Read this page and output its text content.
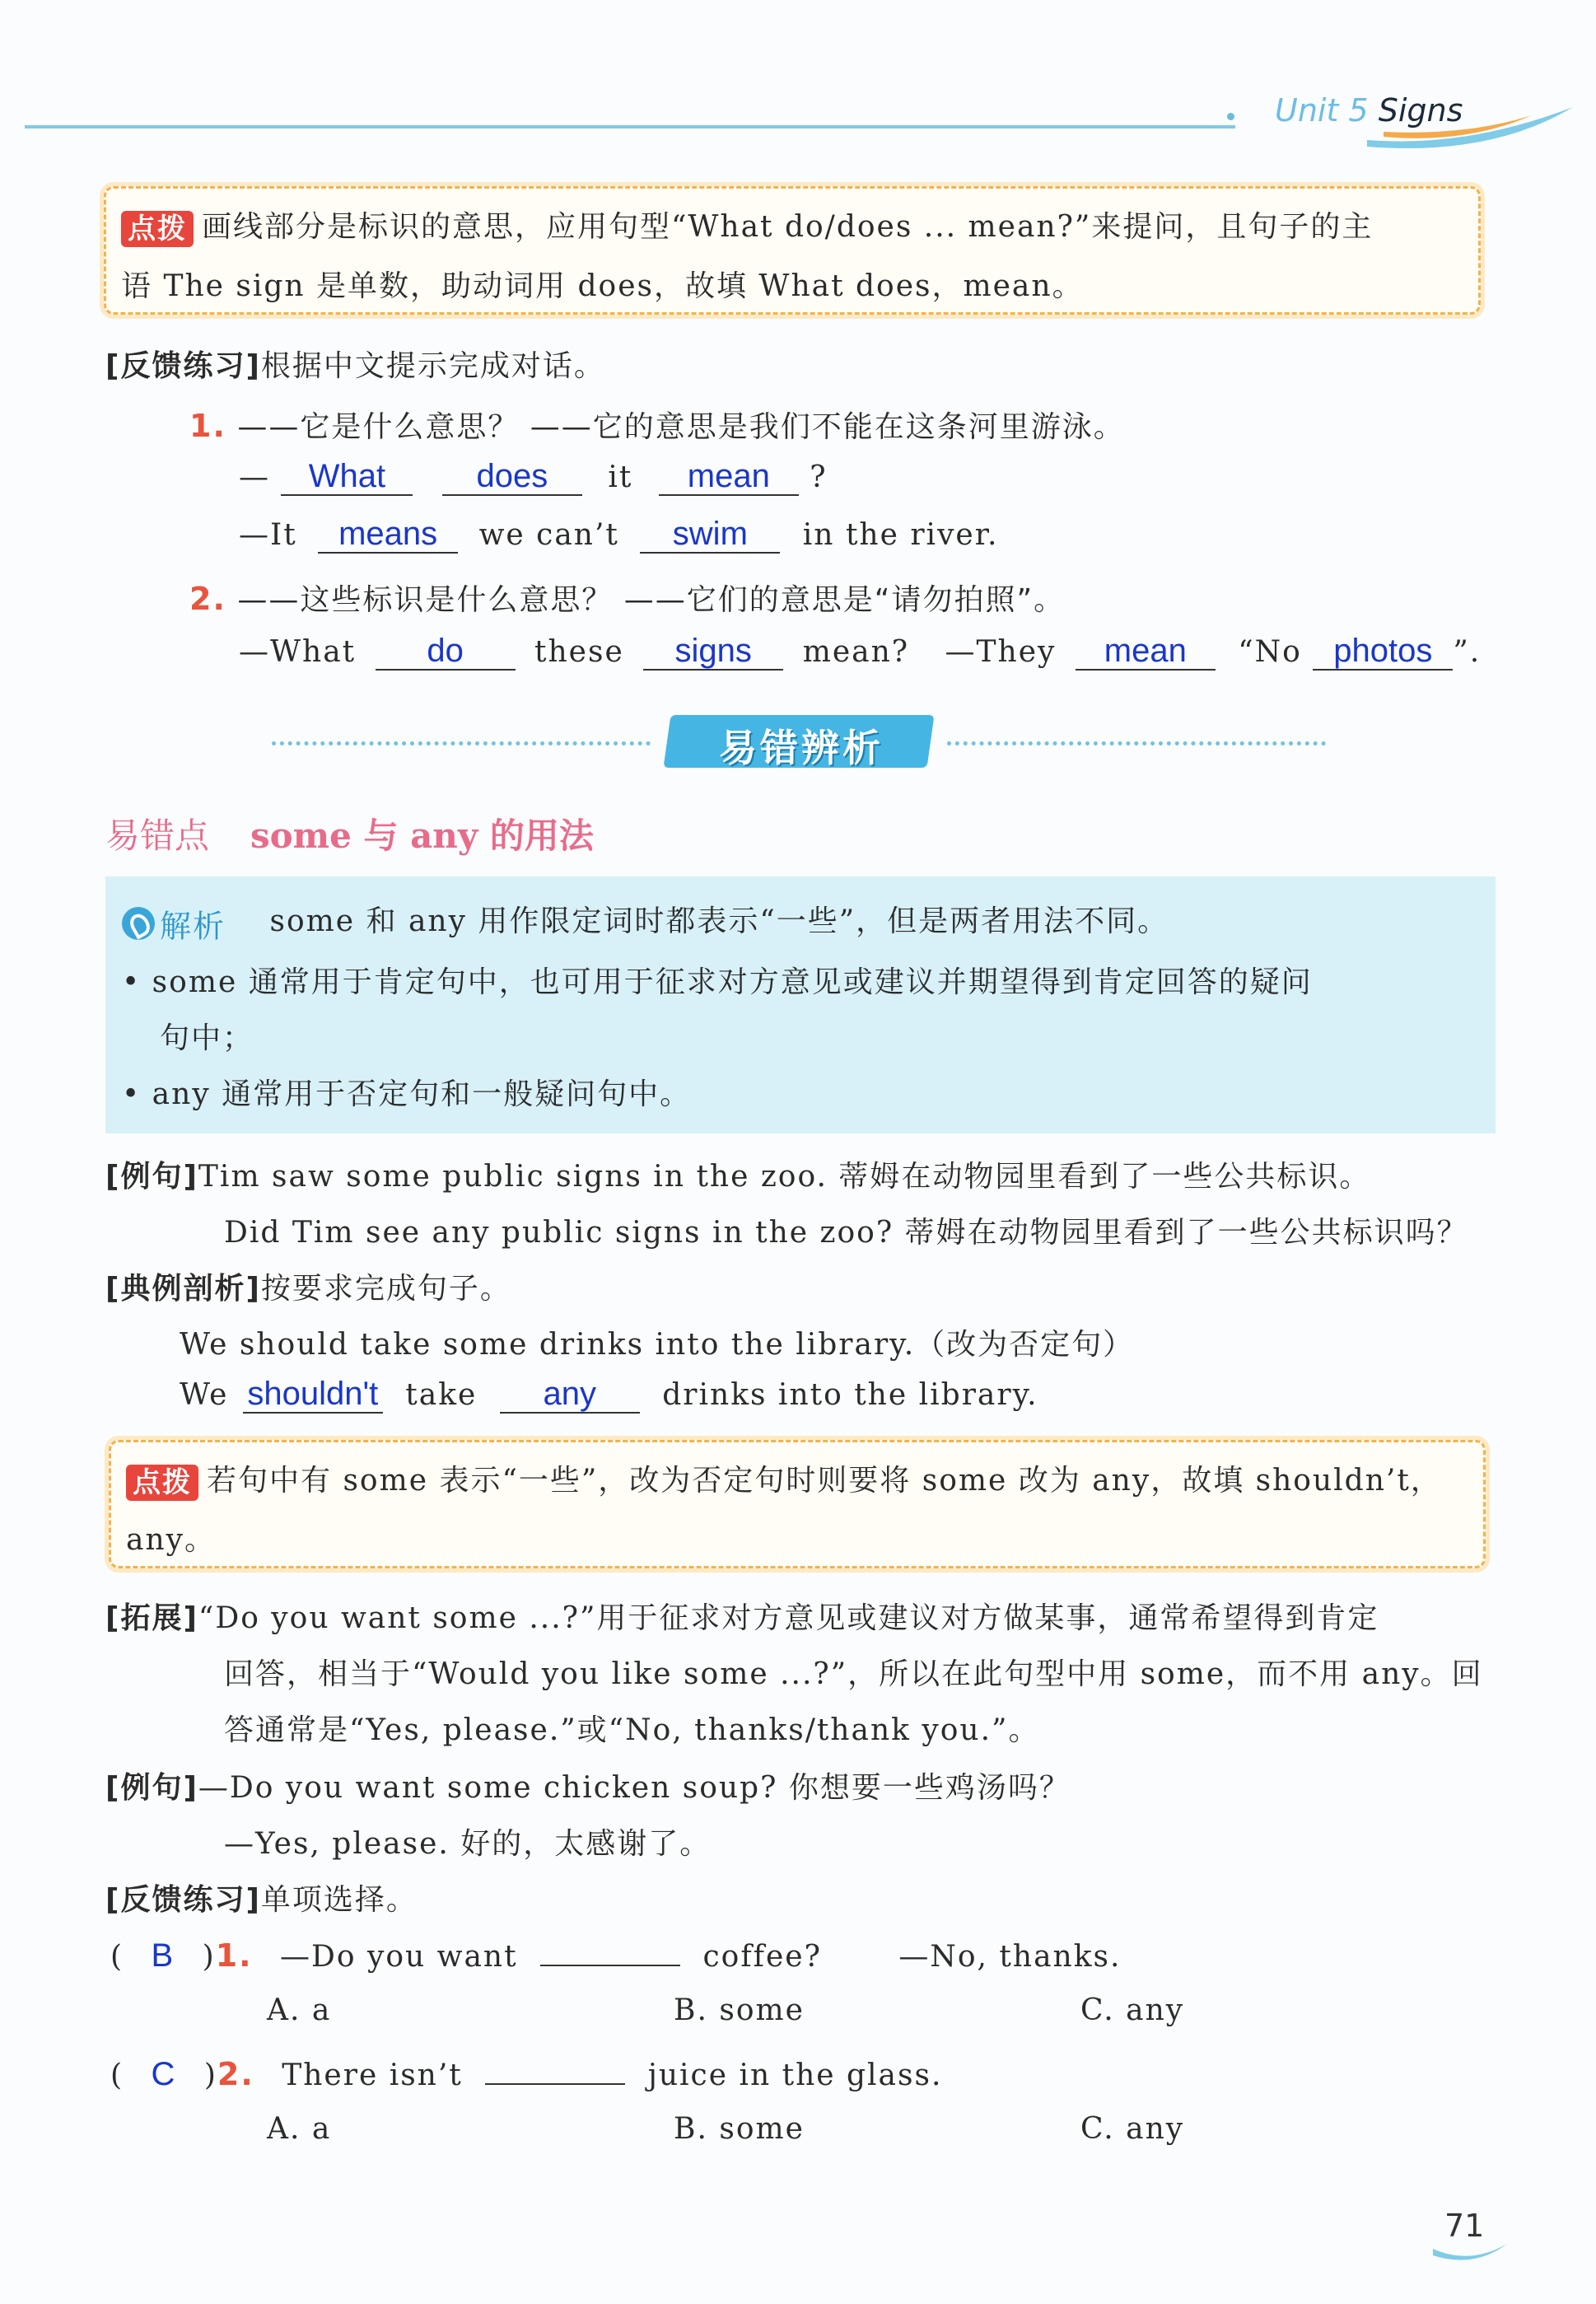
Unit 5 Signs
点拨 画线部分是标识的意思，应用句型“What do/does ... mean?”来提问，且句子的主
语 The sign 是单数，助动词用 does，故填 What does，mean。
[反馈练习]根据中文提示完成对话。
1. ——它是什么意思？ ——它的意思是我们不能在这条河里游泳。
— What	does it mean ?
—It means we can’t swim in the river.
2. ——这些标识是什么意思？ ——它们的意思是“请勿拍照”。
—What do these signs mean? —They mean “No photos ”.
易错辨析
易错点 some 与 any 的用法
解析 some 和 any 用作限定词时都表示“一些”，但是两者用法不同。
• some 通常用于肯定句中，也可用于征求对方意见或建议并期望得到肯定回答的疑问
句中；
• any 通常用于否定句和一般疑问句中。
[例句]Tim saw some public signs in the zoo. 蒂姆在动物园里看到了一些公共标识。
Did Tim see any public signs in the zoo? 蒂姆在动物园里看到了一些公共标识吗？
[典例剖析]按要求完成句子。
We should take some drinks into the library.（改为否定句）
We shouldn't take any drinks into the library.
点拨 若句中有 some 表示“一些”，改为否定句时则要将 some 改为 any，故填 shouldn’t，
any。
[拓展]“Do you want some ...?”用于征求对方意见或建议对方做某事，通常希望得到肯定
回答，相当于“Would you like some ...?”，所以在此句型中用 some，而不用 any。回
答通常是“Yes, please.”或“No, thanks/thank you.”。
[例句]—Do you want some chicken soup? 你想要一些鸡汤吗？
—Yes, please. 好的，太感谢了。
[反馈练习]单项选择。
( B )1. —Do you want	coffee?	—No, thanks.
A. a	B. some	C. any
( C )2. There isn’t	juice in the glass.
A. a	B. some	C. any
71
